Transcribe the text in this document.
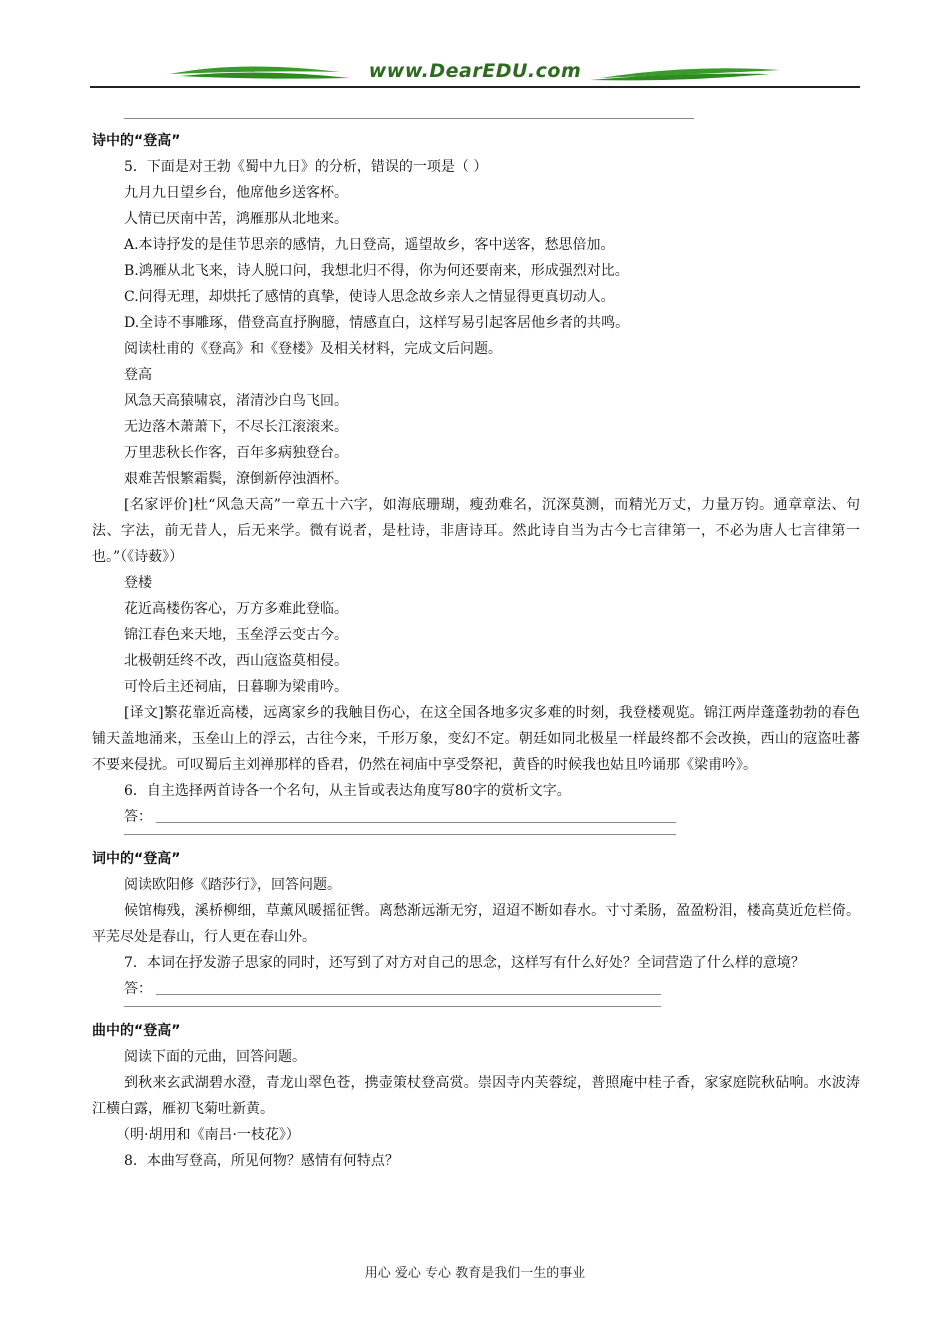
www.DearEDU.com
诗中的“登高”
5．下面是对王勃《蜀中九日》的分析，错误的一项是（ ）
九月九日望乡台，他席他乡送客杯。
人情已厌南中苦，鸿雁那从北地来。
A.本诗抒发的是佳节思亲的感情，九日登高，遥望故乡，客中送客，愁思倍加。
B.鸿雁从北飞来，诗人脱口问，我想北归不得，你为何还要南来，形成强烈对比。
C.问得无理，却烘托了感情的真挚，使诗人思念故乡亲人之情显得更真切动人。
D.全诗不事雕琢，借登高直抒胸臆，情感直白，这样写易引起客居他乡者的共鸣。
阅读杜甫的《登高》和《登楼》及相关材料，完成文后问题。
登高
风急天高猿啸哀，渚清沙白鸟飞回。
无边落木萧萧下，不尽长江滚滚来。
万里悲秋长作客，百年多病独登台。
艰难苦恨繁霜鬓，潦倒新停浊酒杯。
[名家评价]杜“风急天高”一章五十六字，如海底珊瑚，瘦劲难名，沉深莫测，而精光万丈，力量万钧。通章章法、句法、字法，前无昔人，后无来学。微有说者，是杜诗，非唐诗耳。然此诗自当为古今七言律第一，不必为唐人七言律第一也。”（《诗薮》）
登楼
花近高楼伤客心，万方多难此登临。
锦江春色来天地，玉垒浮云变古今。
北极朝廷终不改，西山寇盗莫相侵。
可怜后主还祠庙，日暮聊为梁甫吟。
[译文]繁花靠近高楼，远离家乡的我触目伤心，在这全国各地多灾多难的时刻，我登楼观览。锦江两岸蓬蓬勃勃的春色铺天盖地涌来，玉垒山上的浮云，古往今来，千形万象，变幻不定。朝廷如同北极星一样最终都不会改换，西山的寇盗吐蕃不要来侵扰。可叹蜀后主刘禅那样的昏君，仍然在祠庙中享受祭祀，黄昏的时候我也姑且吟诵那《梁甫吟》。
6．自主选择两首诗各一个名句，从主旨或表达角度写80字的赏析文字。
答：
词中的“登高”
阅读欧阳修《踏莎行》，回答问题。
候馆梅残，溪桥柳细，草薰风暖摇征辔。离愁渐远渐无穷，迢迢不断如春水。寸寸柔肠，盈盈粉泪，楼高莫近危栏倚。平芜尽处是春山，行人更在春山外。
7．本词在抒发游子思家的同时，还写到了对方对自己的思念，这样写有什么好处？全词营造了什么样的意境？
答：
曲中的“登高”
阅读下面的元曲，回答问题。
到秋来玄武湖碧水澄，青龙山翠色苍，携壶策杖登高赏。崇因寺内芙蓉绽，普照庵中桂子香，家家庭院秋砧响。水波涛江横白露，雁初飞菊吐新黄。
（明·胡用和《南吕·一枝花》）
8．本曲写登高，所见何物？感情有何特点？
用心 爱心 专心 教育是我们一生的事业
